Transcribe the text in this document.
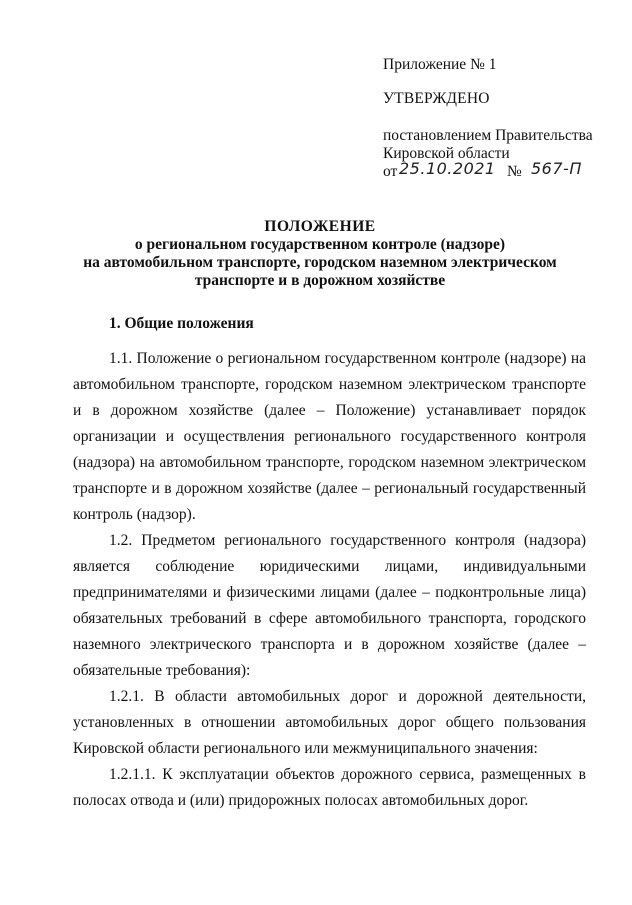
Приложение № 1
УТВЕРЖДЕНО
постановлением Правительства
Кировской области
от 25.10.2021 № 567-П
ПОЛОЖЕНИЕ
о региональном государственном контроле (надзоре)
на автомобильном транспорте, городском наземном электрическом
транспорте и в дорожном хозяйстве
1. Общие положения

1.1. Положение о региональном государственном контроле (надзоре) на автомобильном транспорте, городском наземном электрическом транспорте и в дорожном хозяйстве (далее – Положение) устанавливает порядок организации и осуществления регионального государственного контроля (надзора) на автомобильном транспорте, городском наземном электрическом транспорте и в дорожном хозяйстве (далее – региональный государственный контроль (надзор).

1.2. Предметом регионального государственного контроля (надзора) является соблюдение юридическими лицами, индивидуальными предпринимателями и физическими лицами (далее – подконтрольные лица) обязательных требований в сфере автомобильного транспорта, городского наземного электрического транспорта и в дорожном хозяйстве (далее – обязательные требования):

1.2.1. В области автомобильных дорог и дорожной деятельности, установленных в отношении автомобильных дорог общего пользования Кировской области регионального или межмуниципального значения:

1.2.1.1. К эксплуатации объектов дорожного сервиса, размещенных в полосах отвода и (или) придорожных полосах автомобильных дорог.
